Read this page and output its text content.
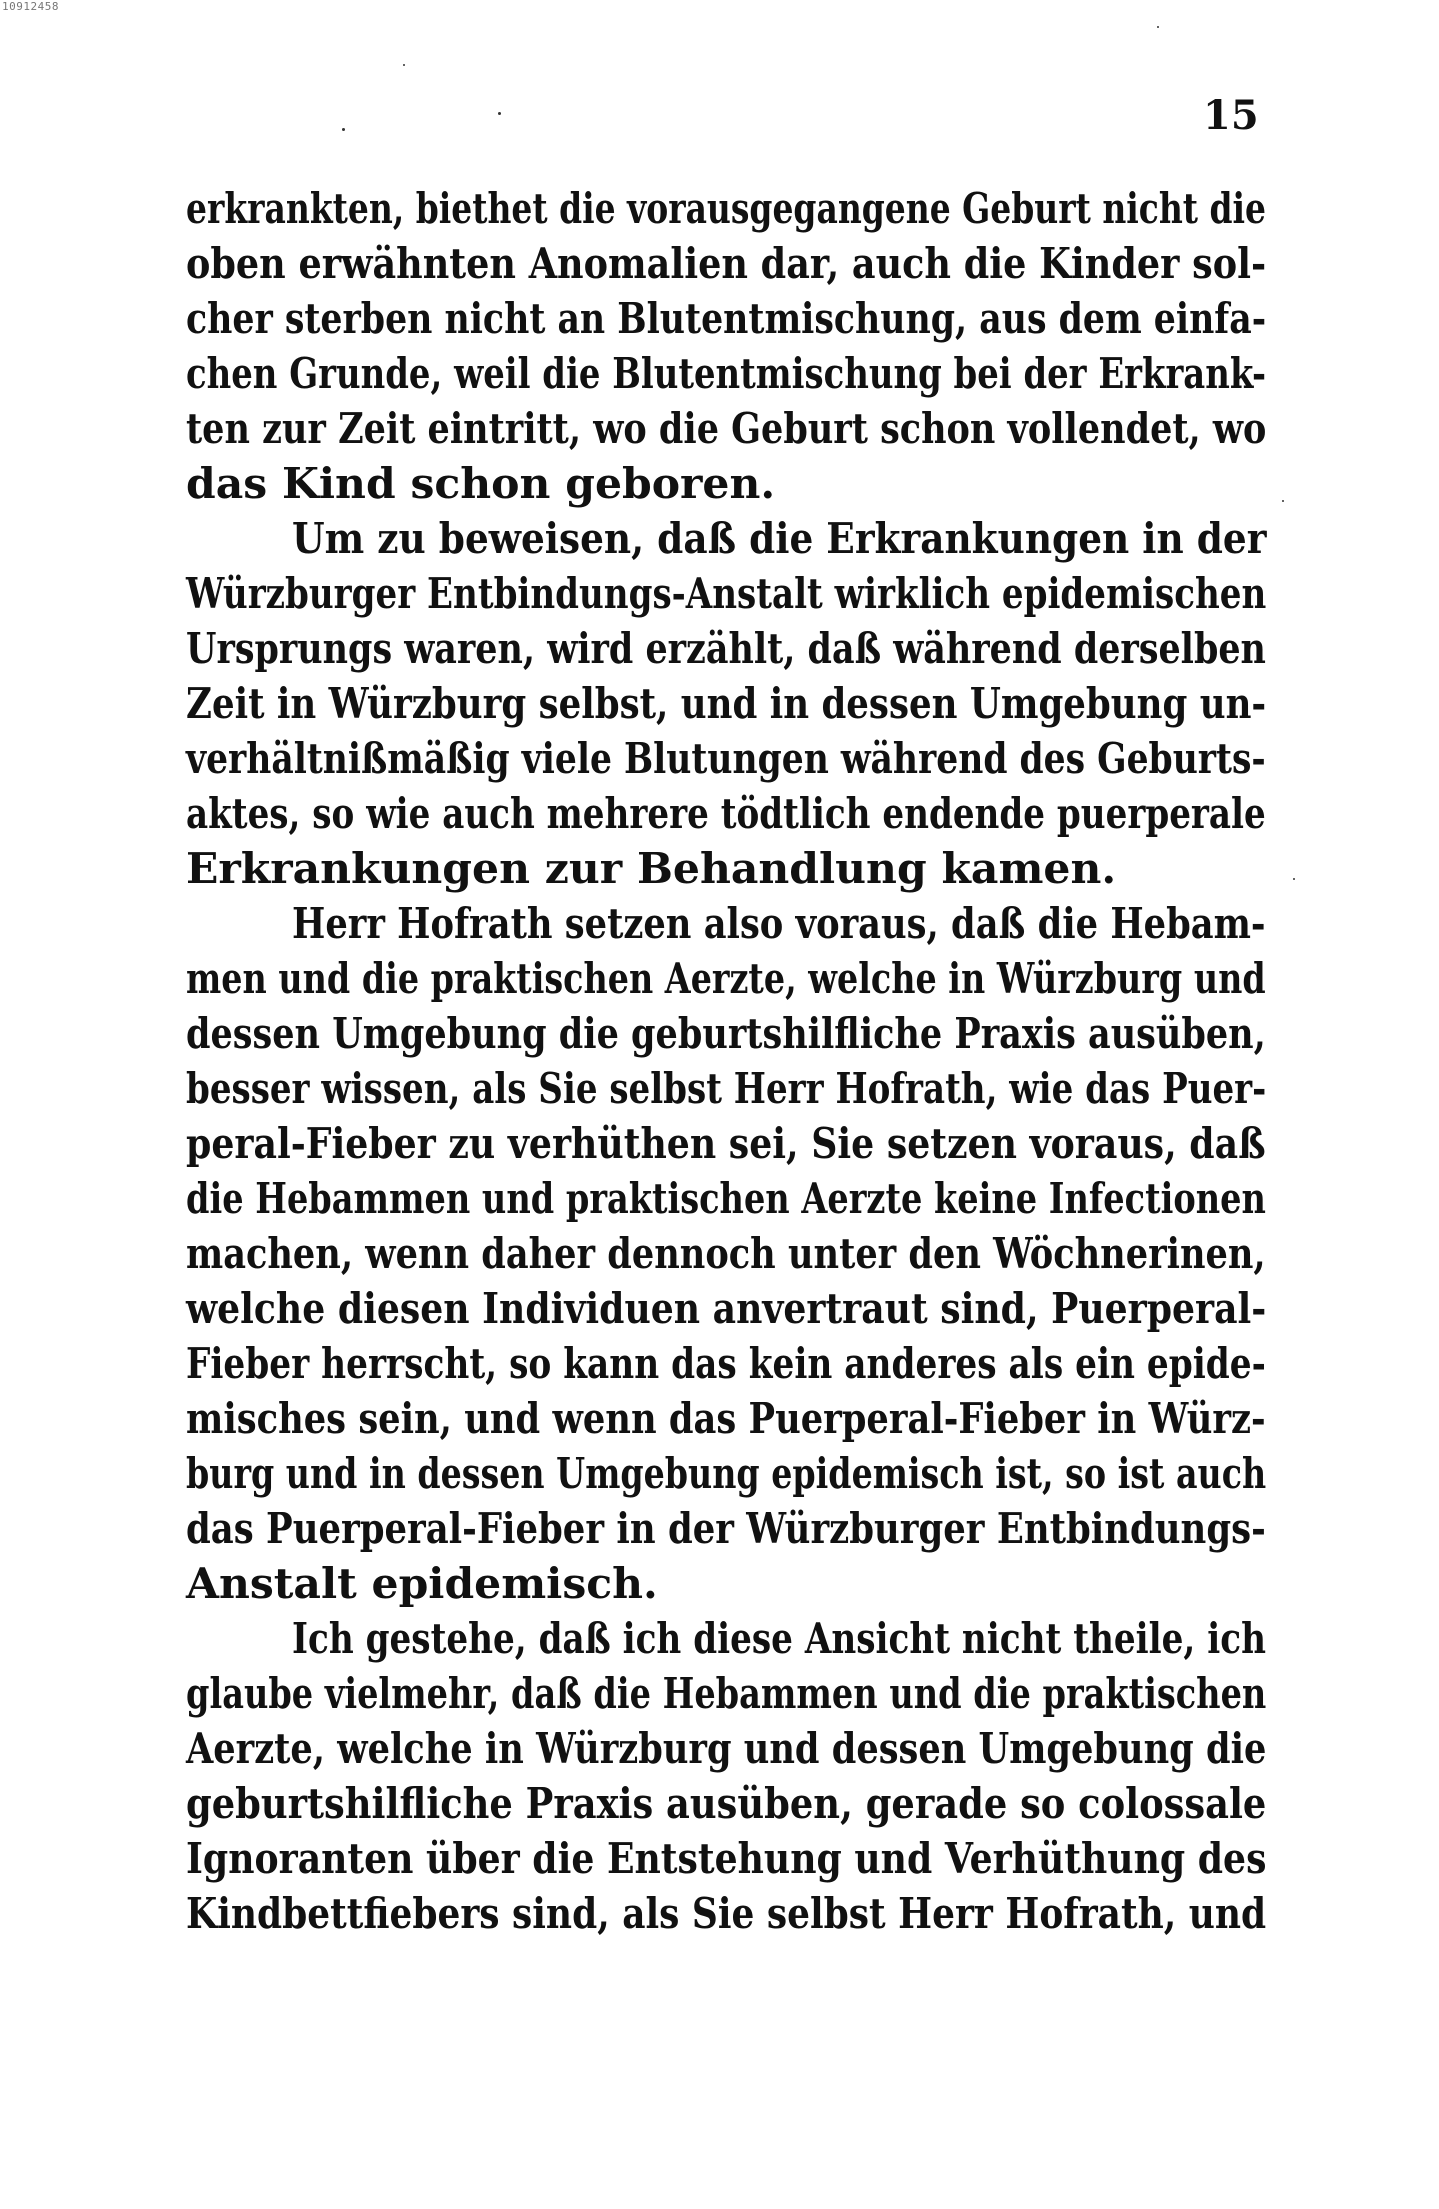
10912458
15
erkrankten, biethet die vorausgegangene Geburt nicht die
oben erwähnten Anomalien dar, auch die Kinder sol-
cher sterben nicht an Blutentmischung, aus dem einfa-
chen Grunde, weil die Blutentmischung bei der Erkrank-
ten zur Zeit eintritt, wo die Geburt schon vollendet, wo
das Kind schon geboren.
Um zu beweisen, daß die Erkrankungen in der
Würzburger Entbindungs-Anstalt wirklich epidemischen
Ursprungs waren, wird erzählt, daß während derselben
Zeit in Würzburg selbst, und in dessen Umgebung un-
verhältnißmäßig viele Blutungen während des Geburts-
aktes, so wie auch mehrere tödtlich endende puerperale
Erkrankungen zur Behandlung kamen.
Herr Hofrath setzen also voraus, daß die Hebam-
men und die praktischen Aerzte, welche in Würzburg und
dessen Umgebung die geburtshilfliche Praxis ausüben,
besser wissen, als Sie selbst Herr Hofrath, wie das Puer-
peral-Fieber zu verhüthen sei, Sie setzen voraus, daß
die Hebammen und praktischen Aerzte keine Infectionen
machen, wenn daher dennoch unter den Wöchnerinen,
welche diesen Individuen anvertraut sind, Puerperal-
Fieber herrscht, so kann das kein anderes als ein epide-
misches sein, und wenn das Puerperal-Fieber in Würz-
burg und in dessen Umgebung epidemisch ist, so ist auch
das Puerperal-Fieber in der Würzburger Entbindungs-
Anstalt epidemisch.
Ich gestehe, daß ich diese Ansicht nicht theile, ich
glaube vielmehr, daß die Hebammen und die praktischen
Aerzte, welche in Würzburg und dessen Umgebung die
geburtshilfliche Praxis ausüben, gerade so colossale
Ignoranten über die Entstehung und Verhüthung des
Kindbettfiebers sind, als Sie selbst Herr Hofrath, und
